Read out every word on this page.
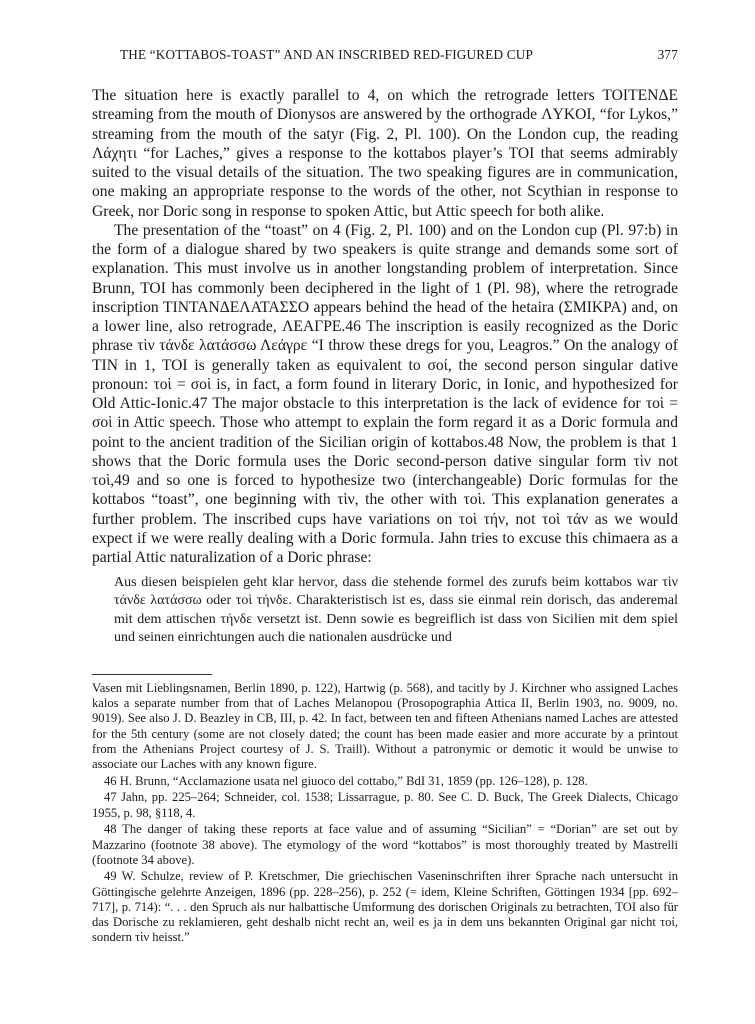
THE “KOTTABOS-TOAST” AND AN INSCRIBED RED-FIGURED CUP	377

The situation here is exactly parallel to 4, on which the retrograde letters TOITENΔE streaming from the mouth of Dionysos are answered by the orthograde ΛYKOI, “for Lykos,” streaming from the mouth of the satyr (Fig. 2, Pl. 100). On the London cup, the reading Λάχητι “for Laches,” gives a response to the kottabos player’s TOI that seems admirably suited to the visual details of the situation. The two speaking figures are in communication, one making an appropriate response to the words of the other, not Scythian in response to Greek, nor Doric song in response to spoken Attic, but Attic speech for both alike.

The presentation of the “toast” on 4 (Fig. 2, Pl. 100) and on the London cup (Pl. 97:b) in the form of a dialogue shared by two speakers is quite strange and demands some sort of explanation. This must involve us in another longstanding problem of interpretation. Since Brunn, TOI has commonly been deciphered in the light of 1 (Pl. 98), where the retrograde inscription TINTANΔEΛATAΣΣO appears behind the head of the hetaira (ΣMIKPA) and, on a lower line, also retrograde, ΛEAΓPE.46 The inscription is easily recognized as the Doric phrase τὶν τάνδε λατάσσω Λεάγρε “I throw these dregs for you, Leagros.” On the analogy of TIN in 1, TOI is generally taken as equivalent to σοί, the second person singular dative pronoun: τοὶ = σοὶ is, in fact, a form found in literary Doric, in Ionic, and hypothesized for Old Attic-Ionic.47 The major obstacle to this interpretation is the lack of evidence for τοὶ = σοὶ in Attic speech. Those who attempt to explain the form regard it as a Doric formula and point to the ancient tradition of the Sicilian origin of kottabos.48 Now, the problem is that 1 shows that the Doric formula uses the Doric second-person dative singular form τὶν not τοὶ,49 and so one is forced to hypothesize two (interchangeable) Doric formulas for the kottabos “toast”, one beginning with τὶν, the other with τοὶ. This explanation generates a further problem. The inscribed cups have variations on τοὶ τήν, not τοὶ τάν as we would expect if we were really dealing with a Doric formula. Jahn tries to excuse this chimaera as a partial Attic naturalization of a Doric phrase:

Aus diesen beispielen geht klar hervor, dass die stehende formel des zurufs beim kottabos war τὶν τάνδε λατάσσω oder τοὶ τήνδε. Charakteristisch ist es, dass sie einmal rein dorisch, das anderemal mit dem attischen τήνδε versetzt ist. Denn sowie es begreiflich ist dass von Sicilien mit dem spiel und seinen einrichtungen auch die nationalen ausdrücke und

Vasen mit Lieblingsnamen, Berlin 1890, p. 122), Hartwig (p. 568), and tacitly by J. Kirchner who assigned Laches kalos a separate number from that of Laches Melanopou (Prosopographia Attica II, Berlin 1903, no. 9009, no. 9019). See also J. D. Beazley in CB, III, p. 42. In fact, between ten and fifteen Athenians named Laches are attested for the 5th century (some are not closely dated; the count has been made easier and more accurate by a printout from the Athenians Project courtesy of J. S. Traill). Without a patronymic or demotic it would be unwise to associate our Laches with any known figure.

46 H. Brunn, “Acclamazione usata nel giuoco del cottabo,” BdI 31, 1859 (pp. 126–128), p. 128.

47 Jahn, pp. 225–264; Schneider, col. 1538; Lissarrague, p. 80. See C. D. Buck, The Greek Dialects, Chicago 1955, p. 98, §118, 4.

48 The danger of taking these reports at face value and of assuming “Sicilian” = “Dorian” are set out by Mazzarino (footnote 38 above). The etymology of the word “kottabos” is most thoroughly treated by Mastrelli (footnote 34 above).

49 W. Schulze, review of P. Kretschmer, Die griechischen Vaseninschriften ihrer Sprache nach untersucht in Göttingische gelehrte Anzeigen, 1896 (pp. 228–256), p. 252 (= idem, Kleine Schriften, Göttingen 1934 [pp. 692–717], p. 714): “. . . den Spruch als nur halbattische Umformung des dorischen Originals zu betrachten, TOI also für das Dorische zu reklamieren, geht deshalb nicht recht an, weil es ja in dem uns bekannten Original gar nicht τοί, sondern τὶν heisst.”
